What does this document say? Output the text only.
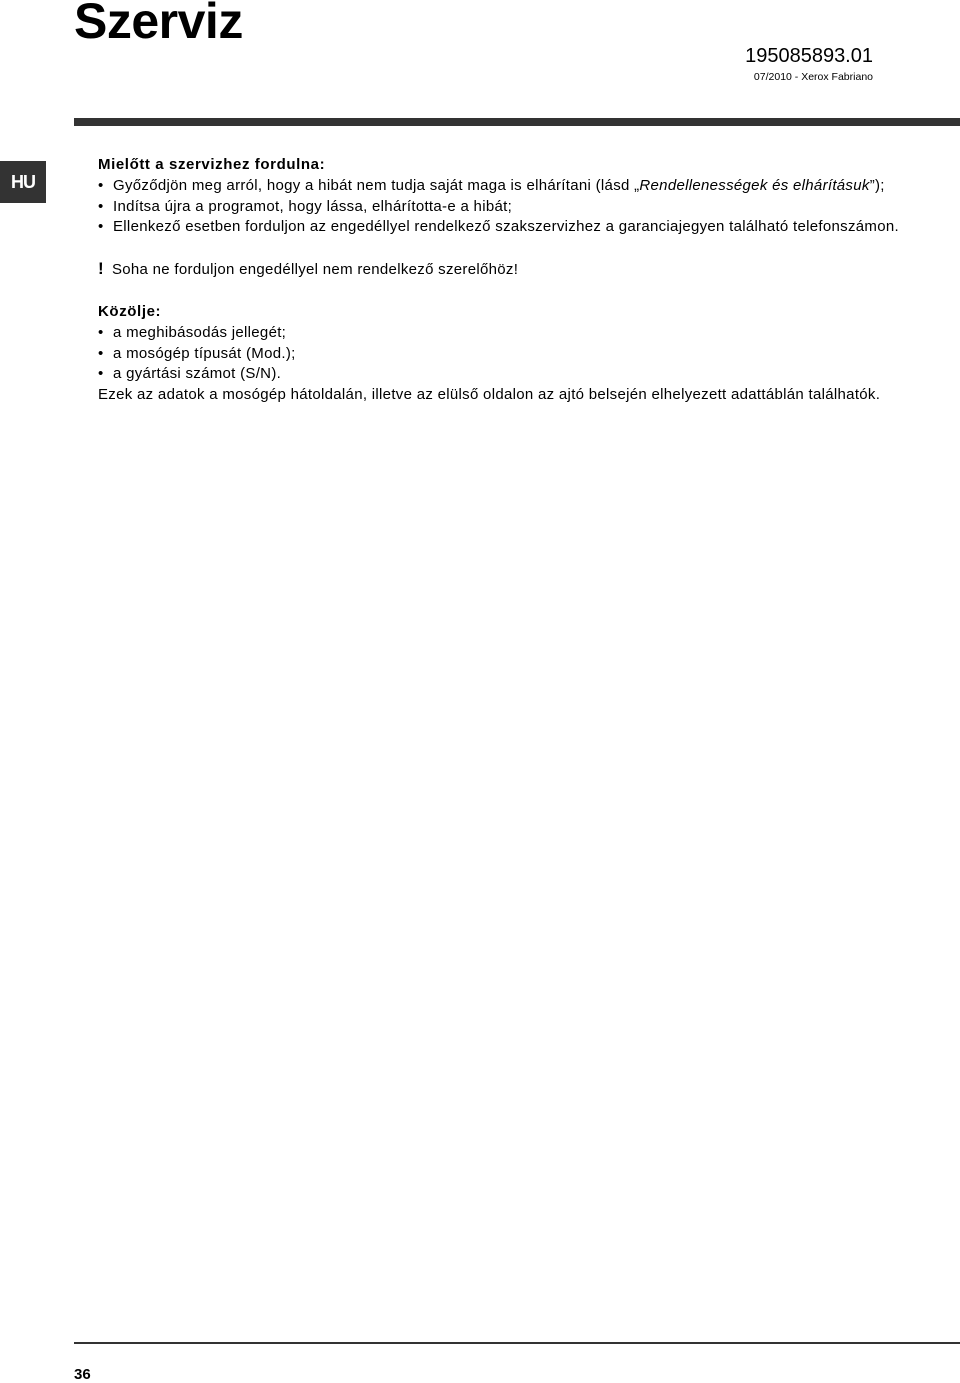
Szerviz
195085893.01
07/2010 - Xerox Fabriano
HU

Mielőtt a szervizhez fordulna:

• Győződjön meg arról, hogy a hibát nem tudja saját maga is elhárítani (lásd „Rendellenességek és elhárításuk”);
• Indítsa újra a programot, hogy lássa, elhárította-e a hibát;
• Ellenkező esetben forduljon az engedéllyel rendelkező szakszervizhez a garanciajegyen található telefonszámon.

! Soha ne forduljon engedéllyel nem rendelkező szerelőhöz!

Közölje:

• a meghibásodás jellegét;
• a mosógép típusát (Mod.);
• a gyártási számot (S/N).

Ezek az adatok a mosógép hátoldalán, illetve az elülső oldalon az ajtó belsején elhelyezett adattáblán találhatók.

36
